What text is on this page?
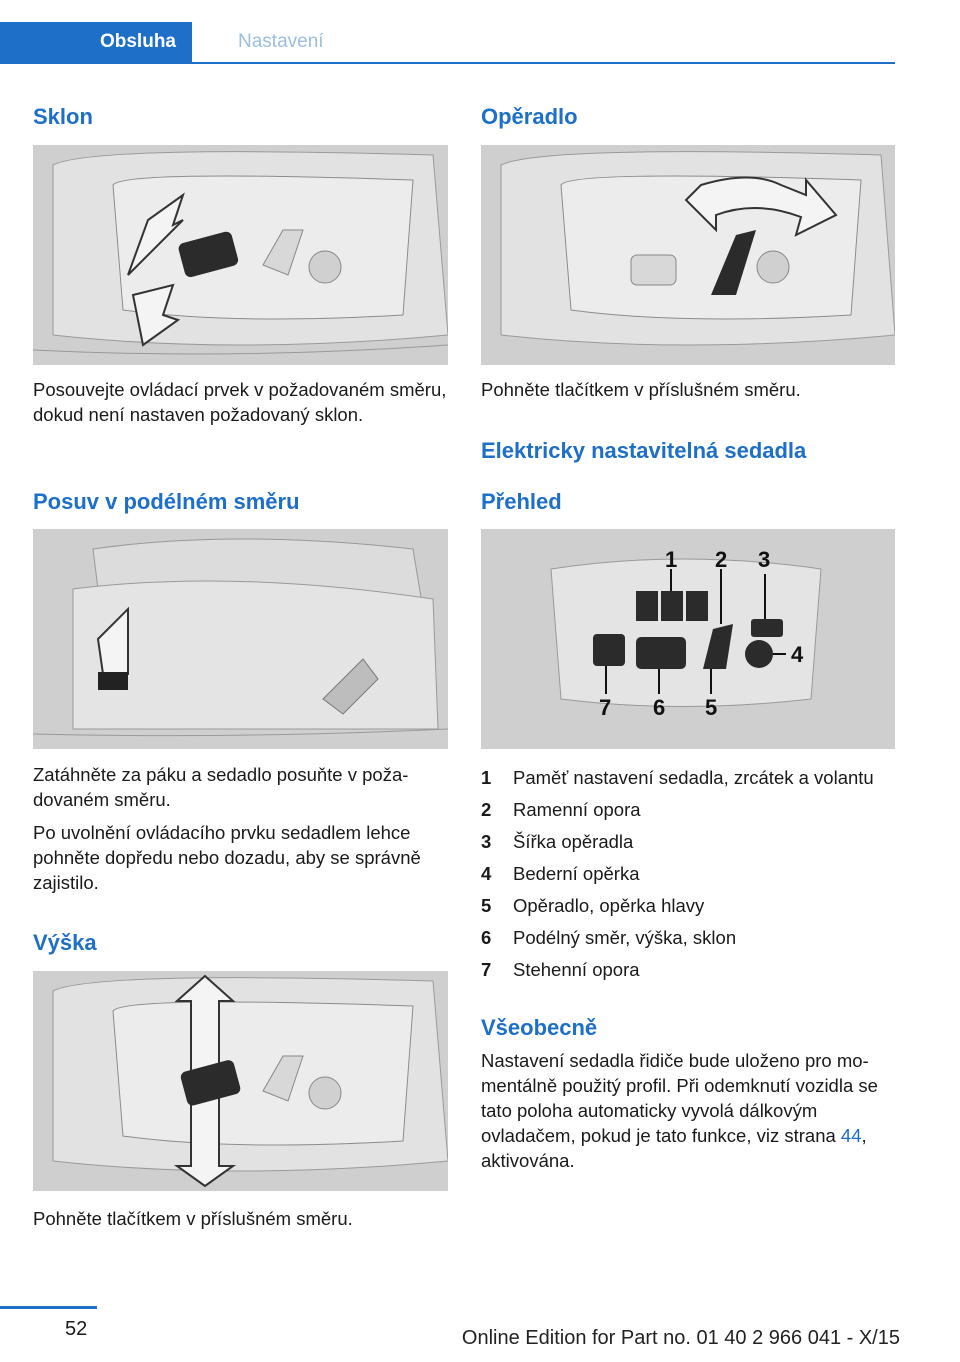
Obsluha	Nastavení
Sklon
Posouvejte ovládací prvek v požadovaném směru, dokud není nastaven požadovaný sklon.
Posuv v podélném směru
Zatáhněte za páku a sedadlo posuňte v požadovaném směru.
Po uvolnění ovládacího prvku sedadlem lehce pohněte dopředu nebo dozadu, aby se správně zajistilo.
Výška
Pohněte tlačítkem v příslušném směru.
Opěradlo
Pohněte tlačítkem v příslušném směru.
Elektricky nastavitelná sedadla
Přehled
1 2 3
4
5
6
7
1	Paměť nastavení sedadla, zrcátek a volantu
2	Ramenní opora
3	Šířka opěradla
4	Bederní opěrka
5	Opěradlo, opěrka hlavy
6	Podélný směr, výška, sklon
7	Stehenní opora
Všeobecně
Nastavení sedadla řidiče bude uloženo pro momentálně použitý profil. Při odemknutí vozidla se tato poloha automaticky vyvolá dálkovým ovladačem, pokud je tato funkce, viz strana 44, aktivována.
52	Online Edition for Part no. 01 40 2 966 041 - X/15
